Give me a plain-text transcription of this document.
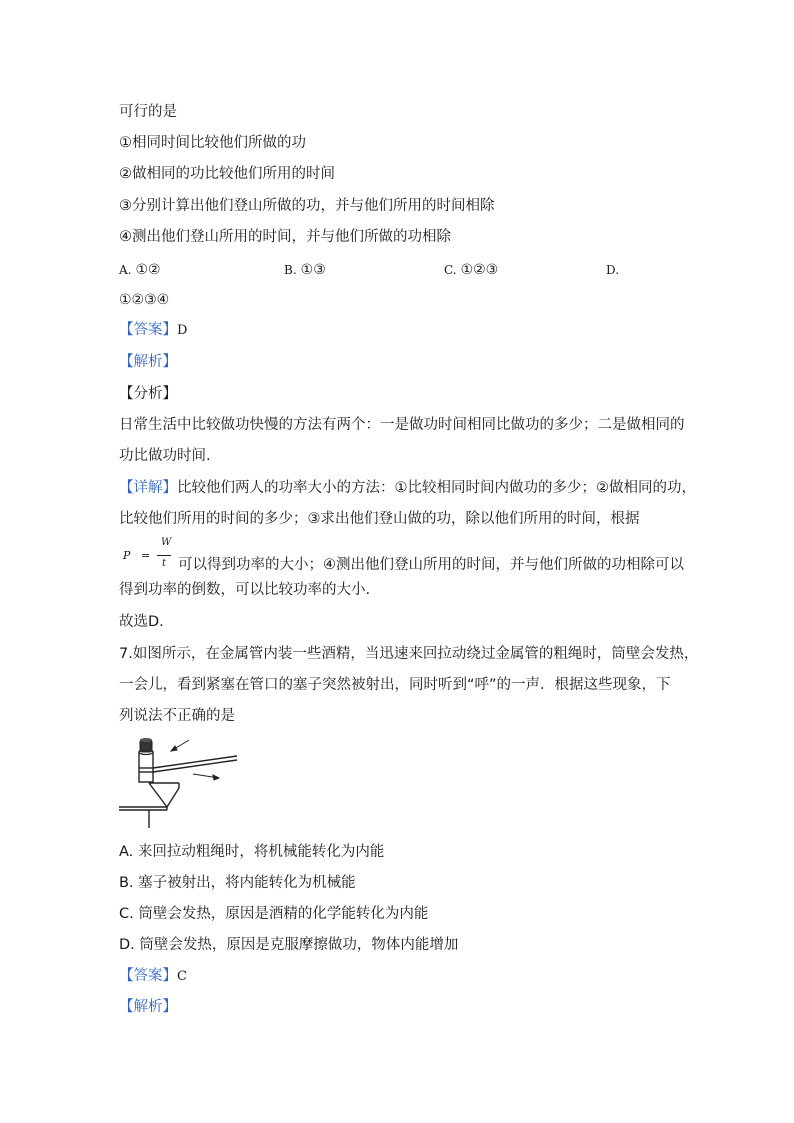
可行的是
①相同时间比较他们所做的功
②做相同的功比较他们所用的时间
③分别计算出他们登山所做的功，并与他们所用的时间相除
④测出他们登山所用的时间，并与他们所做的功相除
A. ①②	B. ①③	C. ①②③	D.
①②③④
【答案】D
【解析】
【分析】
日常生活中比较做功快慢的方法有两个：一是做功时间相同比做功的多少；二是做相同的
功比做功时间.
【详解】比较他们两人的功率大小的方法：①比较相同时间内做功的多少；②做相同的功，
比较他们所用的时间的多少；③求出他们登山做的功，除以他们所用的时间，根据
P =
W
t 可以得到功率的大小；④测出他们登山所用的时间，并与他们所做的功相除可以
得到功率的倒数，可以比较功率的大小.
故选D.
7.如图所示，在金属管内装一些酒精，当迅速来回拉动绕过金属管的粗绳时，筒壁会发热，
一会儿，看到紧塞在管口的塞子突然被射出，同时听到“呼”的一声．根据这些现象，下
列说法不正确的是
A. 来回拉动粗绳时，将机械能转化为内能
B. 塞子被射出，将内能转化为机械能
C. 筒壁会发热，原因是酒精的化学能转化为内能
D. 筒壁会发热，原因是克服摩擦做功，物体内能增加
【答案】C
【解析】
